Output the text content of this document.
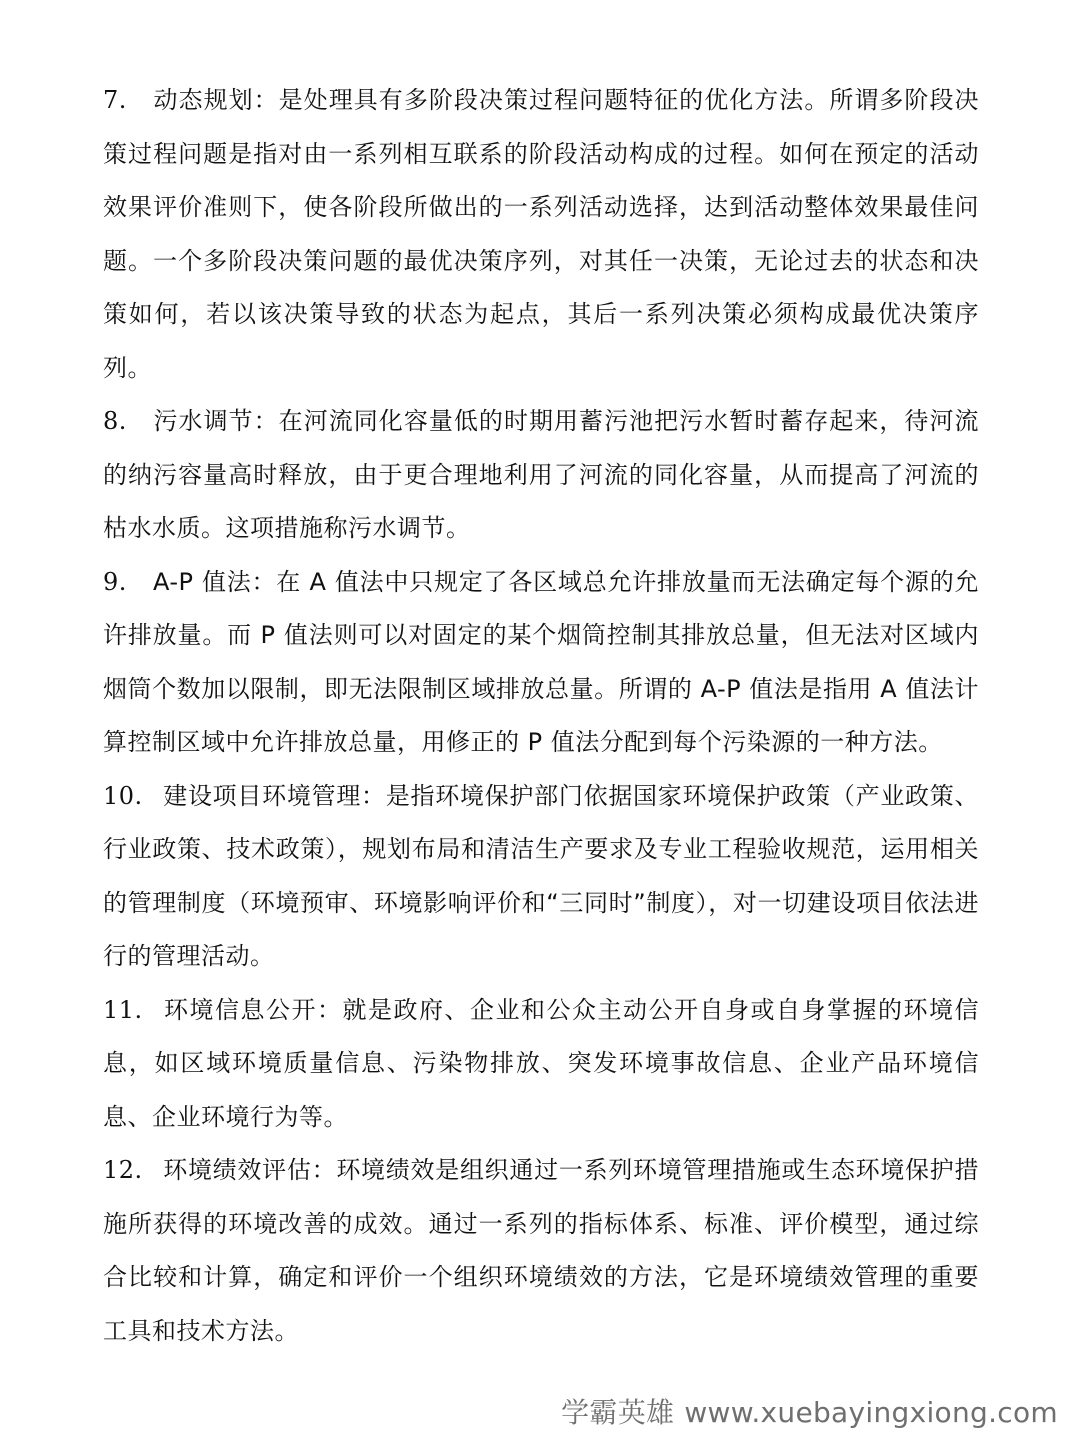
7. 动态规划：是处理具有多阶段决策过程问题特征的优化方法。所谓多阶段决策过程问题是指对由一系列相互联系的阶段活动构成的过程。如何在预定的活动效果评价准则下，使各阶段所做出的一系列活动选择，达到活动整体效果最佳问题。一个多阶段决策问题的最优决策序列，对其任一决策，无论过去的状态和决策如何，若以该决策导致的状态为起点，其后一系列决策必须构成最优决策序列。

8. 污水调节：在河流同化容量低的时期用蓄污池把污水暂时蓄存起来，待河流的纳污容量高时释放，由于更合理地利用了河流的同化容量，从而提高了河流的枯水水质。这项措施称污水调节。

9. A-P 值法：在 A 值法中只规定了各区域总允许排放量而无法确定每个源的允许排放量。而 P 值法则可以对固定的某个烟筒控制其排放总量，但无法对区域内烟筒个数加以限制，即无法限制区域排放总量。所谓的 A-P 值法是指用 A 值法计算控制区域中允许排放总量，用修正的 P 值法分配到每个污染源的一种方法。

10. 建设项目环境管理：是指环境保护部门依据国家环境保护政策（产业政策、行业政策、技术政策），规划布局和清洁生产要求及专业工程验收规范，运用相关的管理制度（环境预审、环境影响评价和“三同时”制度），对一切建设项目依法进行的管理活动。

11. 环境信息公开：就是政府、企业和公众主动公开自身或自身掌握的环境信息，如区域环境质量信息、污染物排放、突发环境事故信息、企业产品环境信息、企业环境行为等。

12. 环境绩效评估：环境绩效是组织通过一系列环境管理措施或生态环境保护措施所获得的环境改善的成效。通过一系列的指标体系、标准、评价模型，通过综合比较和计算，确定和评价一个组织环境绩效的方法，它是环境绩效管理的重要工具和技术方法。

学霸英雄 www.xuebayingxiong.com
